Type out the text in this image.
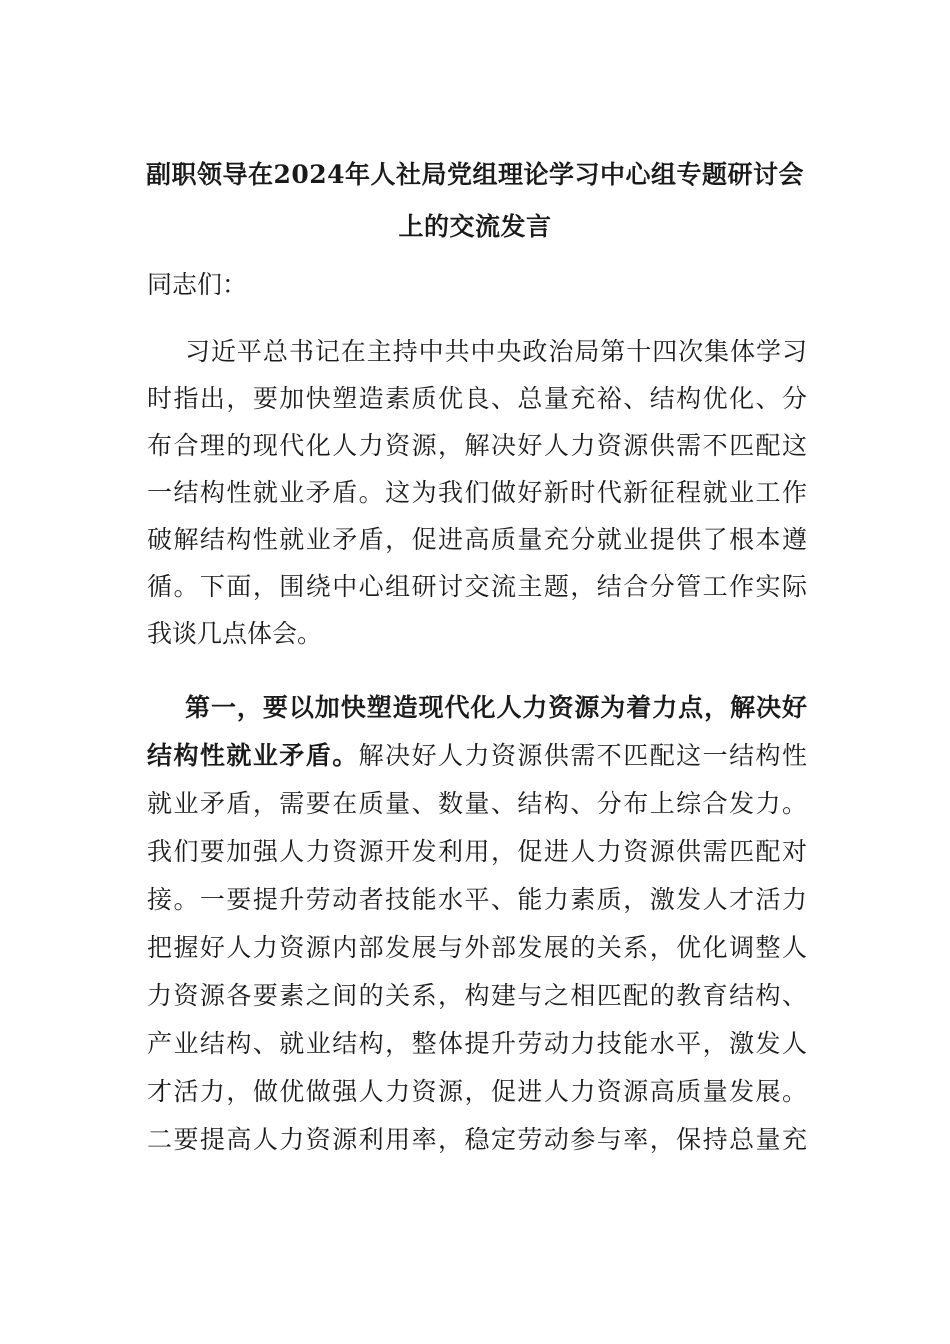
副职领导在2024年人社局党组理论学习中心组专题研讨会
上的交流发言
同志们：
习近平总书记在主持中共中央政治局第十四次集体学习
时指出，要加快塑造素质优良、总量充裕、结构优化、分
布合理的现代化人力资源，解决好人力资源供需不匹配这
一结构性就业矛盾。这为我们做好新时代新征程就业工作
破解结构性就业矛盾，促进高质量充分就业提供了根本遵
循。下面，围绕中心组研讨交流主题，结合分管工作实际
我谈几点体会。
第一，要以加快塑造现代化人力资源为着力点，解决好
结构性就业矛盾。解决好人力资源供需不匹配这一结构性
就业矛盾，需要在质量、数量、结构、分布上综合发力。
我们要加强人力资源开发利用，促进人力资源供需匹配对
接。一要提升劳动者技能水平、能力素质，激发人才活力
把握好人力资源内部发展与外部发展的关系，优化调整人
力资源各要素之间的关系，构建与之相匹配的教育结构、
产业结构、就业结构，整体提升劳动力技能水平，激发人
才活力，做优做强人力资源，促进人力资源高质量发展。
二要提高人力资源利用率，稳定劳动参与率，保持总量充
